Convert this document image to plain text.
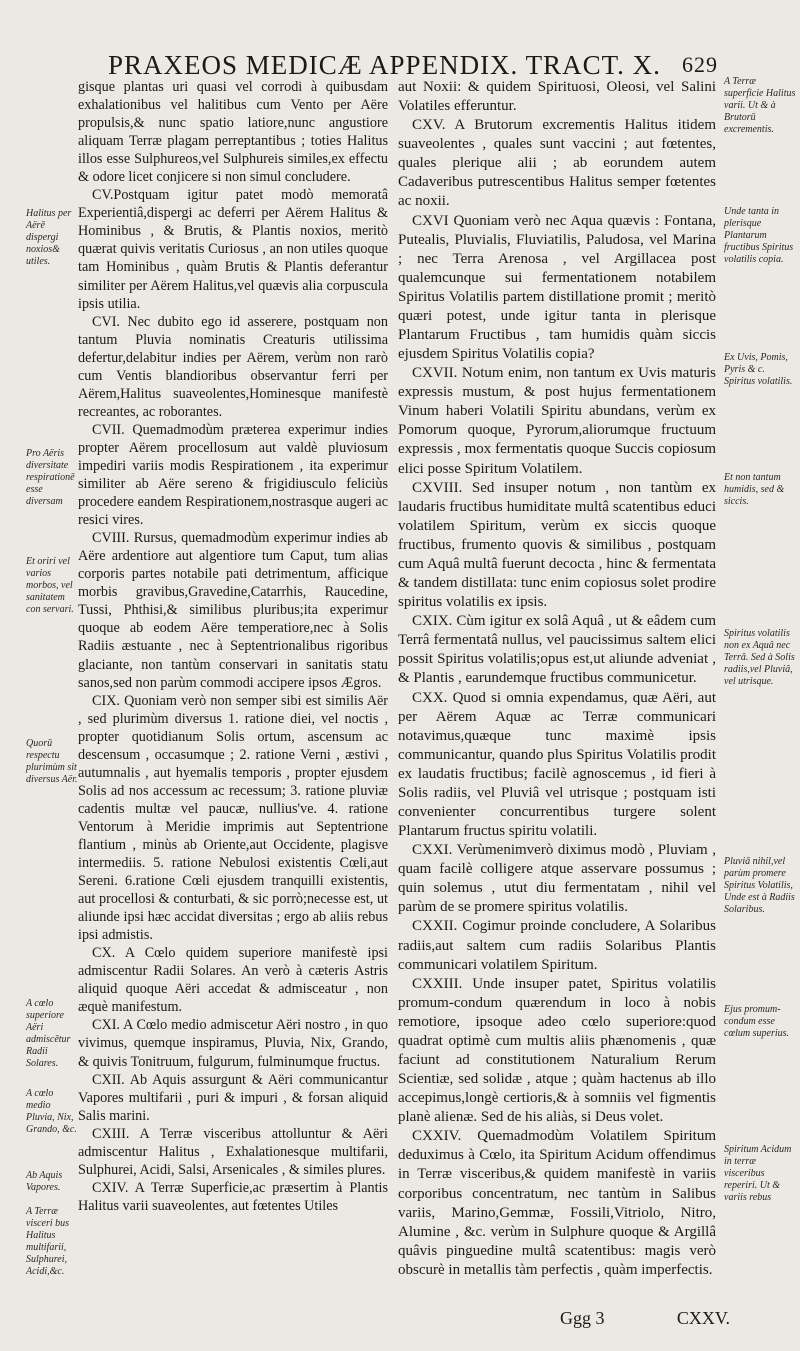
PRAXEOS MEDICÆ APPENDIX. TRACT. X. 629
Halitus per Aërē dispergi noxios& utiles.
Pro Aëris diversitate respirationē esse diversam
Et oriri vel varios morbos, vel sanitatem con servari.
Quorū respectu plurimùm sit diversus Aër.
A cœlo superiore Aëri admiscētur Radii Solares.
A cœlo medio Pluvia, Nix, Grando, &c.
Ab Aquis Vapores.
A Terræ visceri bus Halitus multifarii, Sulphurei, Acidi,&c.

gisque plantas uri quasi vel corrodi à quibusdam exhalationibus vel halitibus cum Vento per Aëre propulsis,& nunc spatio latiore,nunc angustiore aliquam Terræ plagam perreptantibus ; toties Halitus illos esse Sulphureos,vel Sulphureis similes,ex effectu & odore licet conjicere si non simul concludere.

CV.Postquam igitur patet modò memoratâ Experientiâ,dispergi ac deferri per Aërem Halitus & Hominibus , & Brutis, & Plantis noxios, meritò quærat quivis veritatis Curiosus , an non utiles quoque tam Hominibus , quàm Brutis & Plantis deferantur similiter per Aërem Halitus,vel quævis alia corpuscula ipsis utilia.

CVI. Nec dubito ego id asserere, postquam non tantum Pluvia nominatis Creaturis utilissima defertur,delabitur indies per Aërem, verùm non rarò cum Ventis blandioribus observantur ferri per Aërem,Halitus suaveolentes,Hominesque manifestè recreantes, ac roborantes.

CVII. Quemadmodùm præterea experimur indies propter Aërem procellosum aut valdè pluviosum impediri variis modis Respirationem , ita experimur similiter ab Aëre sereno & frigidiusculo feliciùs procedere eandem Respirationem,nostrasque augeri ac resici vires.

CVIII. Rursus, quemadmodùm experimur indies ab Aëre ardentiore aut algentiore tum Caput, tum alias corporis partes notabile pati detrimentum, afficique morbis gravibus,Gravedine,Catarrhis, Raucedine, Tussi, Phthisi,& similibus pluribus;ita experimur quoque ab eodem Aëre temperatiore,nec à Solis Radiis æstuante , nec à Septentrionalibus rigoribus glaciante, non tantùm conservari in sanitatis statu sanos,sed non parùm commodi accipere ipsos Ægros.

CIX. Quoniam verò non semper sibi est similis Aër , sed plurimùm diversus 1. ratione diei, vel noctis , propter quotidianum Solis ortum, ascensum ac descensum , occasumque ; 2. ratione Verni , æstivi , autumnalis , aut hyemalis temporis , propter ejusdem Solis ad nos accessum ac recessum; 3. ratione pluviæ cadentis multæ vel paucæ, nullius've. 4. ratione Ventorum à Meridie imprimis aut Septentrione flantium , minùs ab Oriente,aut Occidente, plagisve intermediis. 5. ratione Nebulosi existentis Cœli,aut Sereni. 6.ratione Cœli ejusdem tranquilli existentis, aut procellosi & conturbati, & sic porrò;necesse est, ut aliunde ipsi hæc accidat diversitas ; ergo ab aliis rebus ipsi admistis.

CX. A Cœlo quidem superiore manifestè ipsi admiscentur Radii Solares. An verò à cæteris Astris aliquid quoque Aëri accedat & admisceatur , non æquè manifestum.

CXI. A Cœlo medio admiscetur Aëri nostro , in quo vivimus, quemque inspiramus, Pluvia, Nix, Grando, & quivis Tonitruum, fulgurum, fulminumque fructus.

CXII. Ab Aquis assurgunt & Aëri communicantur Vapores multifarii , puri & impuri , & forsan aliquid Salis marini.

CXIII. A Terræ visceribus attolluntur & Aëri admiscentur Halitus , Exhalationesque multifarii, Sulphurei, Acidi, Salsi, Arsenicales , & similes plures.

CXIV. A Terræ Superficie,ac præsertim à Plantis Halitus varii suaveolentes, aut fœtentes Utiles

aut Noxii: & quidem Spirituosi, Oleosi, vel Salini Volatiles efferuntur.

CXV. A Brutorum excrementis Halitus itidem suaveolentes , quales sunt vaccini ; aut fœtentes, quales plerique alii ; ab eorundem autem Cadaveribus putrescentibus Halitus semper fœtentes ac noxii.

CXVI Quoniam verò nec Aqua quævis : Fontana, Putealis, Pluvialis, Fluviatilis, Paludosa, vel Marina ; nec Terra Arenosa , vel Argillacea post qualemcunque sui fermentationem notabilem Spiritus Volatilis partem distillatione promit ; meritò quæri potest, unde igitur tanta in plerisque Plantarum Fructibus , tam humidis quàm siccis ejusdem Spiritus Volatilis copia?

CXVII. Notum enim, non tantum ex Uvis maturis expressis mustum, & post hujus fermentationem Vinum haberi Volatili Spiritu abundans, verùm ex Pomorum quoque, Pyrorum,aliorumque fructuum expressis , mox fermentatis quoque Succis copiosum elici posse Spiritum Volatilem.

CXVIII. Sed insuper notum , non tantùm ex laudaris fructibus humiditate multâ scatentibus educi volatilem Spiritum, verùm ex siccis quoque fructibus, frumento quovis & similibus , postquam cum Aquâ multâ fuerunt decocta , hinc & fermentata & tandem distillata: tunc enim copiosus solet prodire spiritus volatilis ex ipsis.

CXIX. Cùm igitur ex solâ Aquâ , ut & eâdem cum Terrâ fermentatâ nullus, vel paucissimus saltem elici possit Spiritus volatilis;opus est,ut aliunde adveniat , & Plantis , earundemque fructibus communicetur.

CXX. Quod si omnia expendamus, quæ Aëri, aut per Aërem Aquæ ac Terræ communicari notavimus,quæque tunc maximè ipsis communicantur, quando plus Spiritus Volatilis prodit ex laudatis fructibus; facilè agnoscemus , id fieri à Solis radiis, vel Pluviâ vel utrisque ; postquam isti convenienter concurrentibus turgere solent Plantarum fructus spiritu volatili.

CXXI. Verùmenimverò diximus modò , Pluviam , quam facilè colligere atque asservare possumus ; quin solemus , utut diu fermentatam , nihil vel parùm de se promere spiritus volatilis.

CXXII. Cogimur proinde concludere, A Solaribus radiis,aut saltem cum radiis Solaribus Plantis communicari volatilem Spiritum.

CXXIII. Unde insuper patet, Spiritus volatilis promum-condum quærendum in loco à nobis remotiore, ipsoque adeo cœlo superiore:quod quadrat optimè cum multis aliis phænomenis , quæ faciunt ad constitutionem Naturalium Rerum Scientiæ, sed solidæ , atque ; quàm hactenus ab illo accepimus,longè certioris,& à somniis vel figmentis planè alienæ. Sed de his aliàs, si Deus volet.

CXXIV. Quemadmodùm Volatilem Spiritum deduximus à Cœlo, ita Spiritum Acidum offendimus in Terræ visceribus,& quidem manifestè in variis corporibus concentratum, nec tantùm in Salibus variis, Marino,Gemmæ, Fossili,Vitriolo, Nitro, Alumine , &c. verùm in Sulphure quoque & Argillâ quâvis pinguedine multâ scatentibus: magis verò obscurè in metallis tàm perfectis , quàm imperfectis.

A Terræ superficie Halitus varii. Ut & à Brutorū excrementis.
Unde tanta in plerisque Plantarum fructibus Spiritus volatilis copia.
Ex Uvis, Pomis, Pyris & c. Spiritus volatilis.
Et non tantum humidis, sed & siccis.
Spiritus volatilis non ex Aquâ nec Terrâ. Sed à Solis radiis,vel Pluviâ, vel utrisque.
Pluviā nihil,vel parùm promere Spiritus Volatilis, Unde est à Radiis Solaribus.
Ejus promum-condum esse cœlum superius.
Spiritum Acidum in terræ visceribus reperiri. Ut & variis rebus
Ggg 3	CXXV.
